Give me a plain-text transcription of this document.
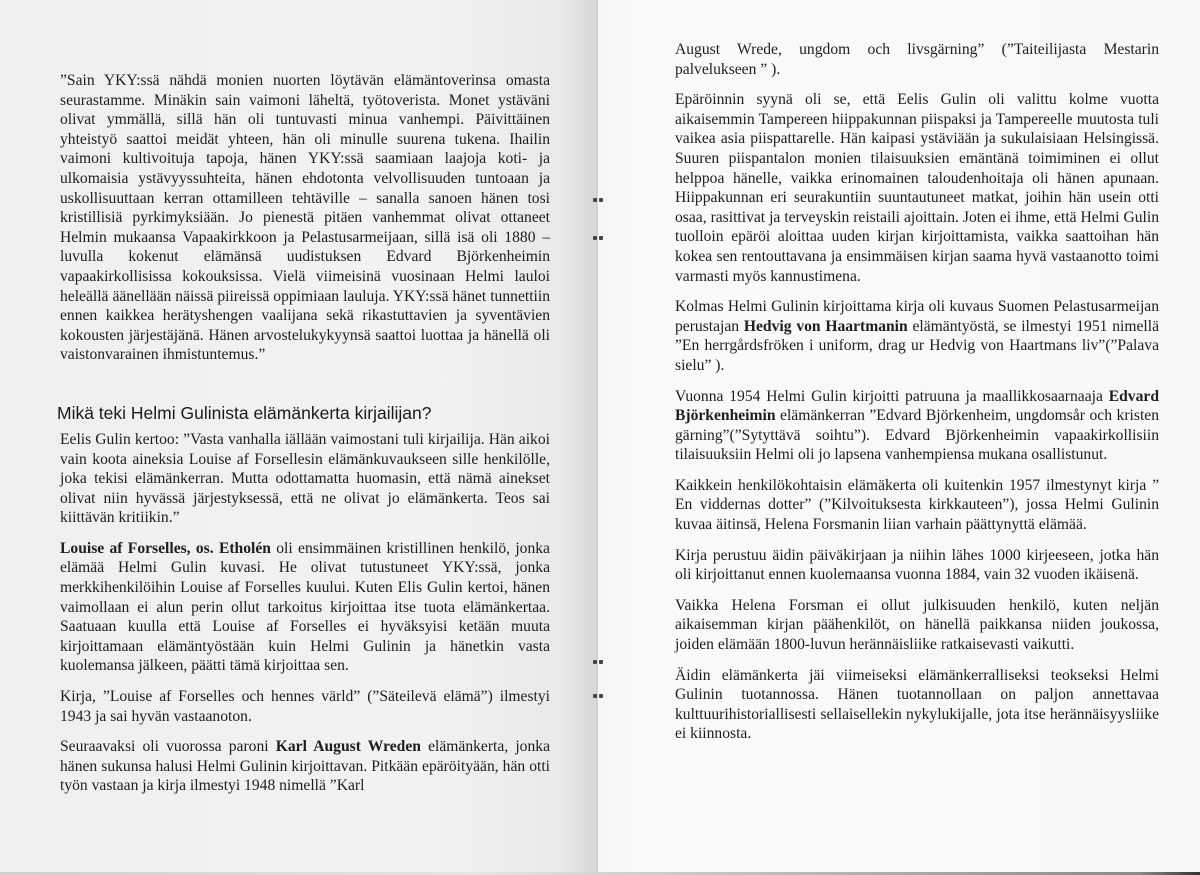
”Sain YKY:ssä nähdä monien nuorten löytävän elämäntoverinsa omasta seurastamme. Minäkin sain vaimoni läheltä, työtoverista. Monet ystäväni olivat ymmällä, sillä hän oli tuntuvasti minua vanhempi. Päivittäinen yhteistyö saattoi meidät yhteen, hän oli minulle suurena tukena. Ihailin vaimoni kultivoituja tapoja, hänen YKY:ssä saamiaan laajoja koti- ja ulkomaisia ystävyyssuhteita, hänen ehdotonta velvollisuuden tuntoaan ja uskollisuuttaan kerran ottamilleen tehtäville – sanalla sanoen hänen tosi kristillisiä pyrkimyksiään. Jo pienestä pitäen vanhemmat olivat ottaneet Helmin mukaansa Vapaakirkkoon ja Pelastusarmeijaan, sillä isä oli 1880 – luvulla kokenut elämänsä uudistuksen Edvard Björkenheimin vapaakirkollisissa kokouksissa. Vielä viimeisinä vuosinaan Helmi lauloi heleällä äänellään näissä piireissä oppimiaan lauluja. YKY:ssä hänet tunnettiin ennen kaikkea herätyshengen vaalijana sekä rikastuttavien ja syventävien kokousten järjestäjänä. Hänen arvostelukykyynsä saattoi luottaa ja hänellä oli vaistonvarainen ihmistuntemus.”

Mikä teki Helmi Gulinista elämänkerta kirjailijan?

Eelis Gulin kertoo: ”Vasta vanhalla iällään vaimostani tuli kirjailija. Hän aikoi vain koota aineksia Louise af Forsellesin elämänkuvaukseen sille henkilölle, joka tekisi elämänkerran. Mutta odottamatta huomasin, että nämä ainekset olivat niin hyvässä järjestyksessä, että ne olivat jo elämänkerta. Teos sai kiittävän kritiikin.”

Louise af Forselles, os. Etholén oli ensimmäinen kristillinen henkilö, jonka elämää Helmi Gulin kuvasi. He olivat tutustuneet YKY:ssä, jonka merkkihenkilöihin Louise af Forselles kuului. Kuten Elis Gulin kertoi, hänen vaimollaan ei alun perin ollut tarkoitus kirjoittaa itse tuota elämänkertaa. Saatuaan kuulla että Louise af Forselles ei hyväksyisi ketään muuta kirjoittamaan elämäntyöstään kuin Helmi Gulinin ja hänetkin vasta kuolemansa jälkeen, päätti tämä kirjoittaa sen.

Kirja, ”Louise af Forselles och hennes värld” (”Säteilevä elämä”) ilmestyi 1943 ja sai hyvän vastaanoton.

Seuraavaksi oli vuorossa paroni Karl August Wreden elämänkerta, jonka hänen sukunsa halusi Helmi Gulinin kirjoittavan. Pitkään epäröityään, hän otti työn vastaan ja kirja ilmestyi 1948 nimellä ”Karl

August Wrede, ungdom och livsgärning” (”Taiteilijasta Mestarin palvelukseen ” ).

Epäröinnin syynä oli se, että Eelis Gulin oli valittu kolme vuotta aikaisemmin Tampereen hiippakunnan piispaksi ja Tampereelle muutosta tuli vaikea asia piispattarelle. Hän kaipasi ystäviään ja sukulaisiaan Helsingissä. Suuren piispantalon monien tilaisuuksien emäntänä toimiminen ei ollut helppoa hänelle, vaikka erinomainen taloudenhoitaja oli hänen apunaan. Hiippakunnan eri seurakuntiin suuntautuneet matkat, joihin hän usein otti osaa, rasittivat ja terveyskin reistaili ajoittain. Joten ei ihme, että Helmi Gulin tuolloin epäröi aloittaa uuden kirjan kirjoittamista, vaikka saattoihan hän kokea sen rentouttavana ja ensimmäisen kirjan saama hyvä vastaanotto toimi varmasti myös kannustimena.

Kolmas Helmi Gulinin kirjoittama kirja oli kuvaus Suomen Pelastusarmeijan perustajan Hedvig von Haartmanin elämäntyöstä, se ilmestyi 1951 nimellä ”En herrgårdsfröken i uniform, drag ur Hedvig von Haartmans liv”(”Palava sielu” ).

Vuonna 1954 Helmi Gulin kirjoitti patruuna ja maallikkosaarnaaja Edvard Björkenheimin elämänkerran ”Edvard Björkenheim, ungdomsår och kristen gärning”(”Sytyttävä soihtu”). Edvard Björkenheimin vapaakirkollisiin tilaisuuksiin Helmi oli jo lapsena vanhempiensa mukana osallistunut.

Kaikkein henkilökohtaisin elämäkerta oli kuitenkin 1957 ilmestynyt kirja ” En viddernas dotter” (”Kilvoituksesta kirkkauteen”), jossa Helmi Gulinin kuvaa äitinsä, Helena Forsmanin liian varhain päättynyttä elämää.

Kirja perustuu äidin päiväkirjaan ja niihin lähes 1000 kirjeeseen, jotka hän oli kirjoittanut ennen kuolemaansa vuonna 1884, vain 32 vuoden ikäisenä.

Vaikka Helena Forsman ei ollut julkisuuden henkilö, kuten neljän aikaisemman kirjan päähenkilöt, on hänellä paikkansa niiden joukossa, joiden elämään 1800-luvun herännäisliike ratkaisevasti vaikutti.

Äidin elämänkerta jäi viimeiseksi elämänkerralliseksi teokseksi Helmi Gulinin tuotannossa. Hänen tuotannollaan on paljon annettavaa kulttuurihistoriallisesti sellaisellekin nykylukijalle, jota itse herännäisyysliike ei kiinnosta.
